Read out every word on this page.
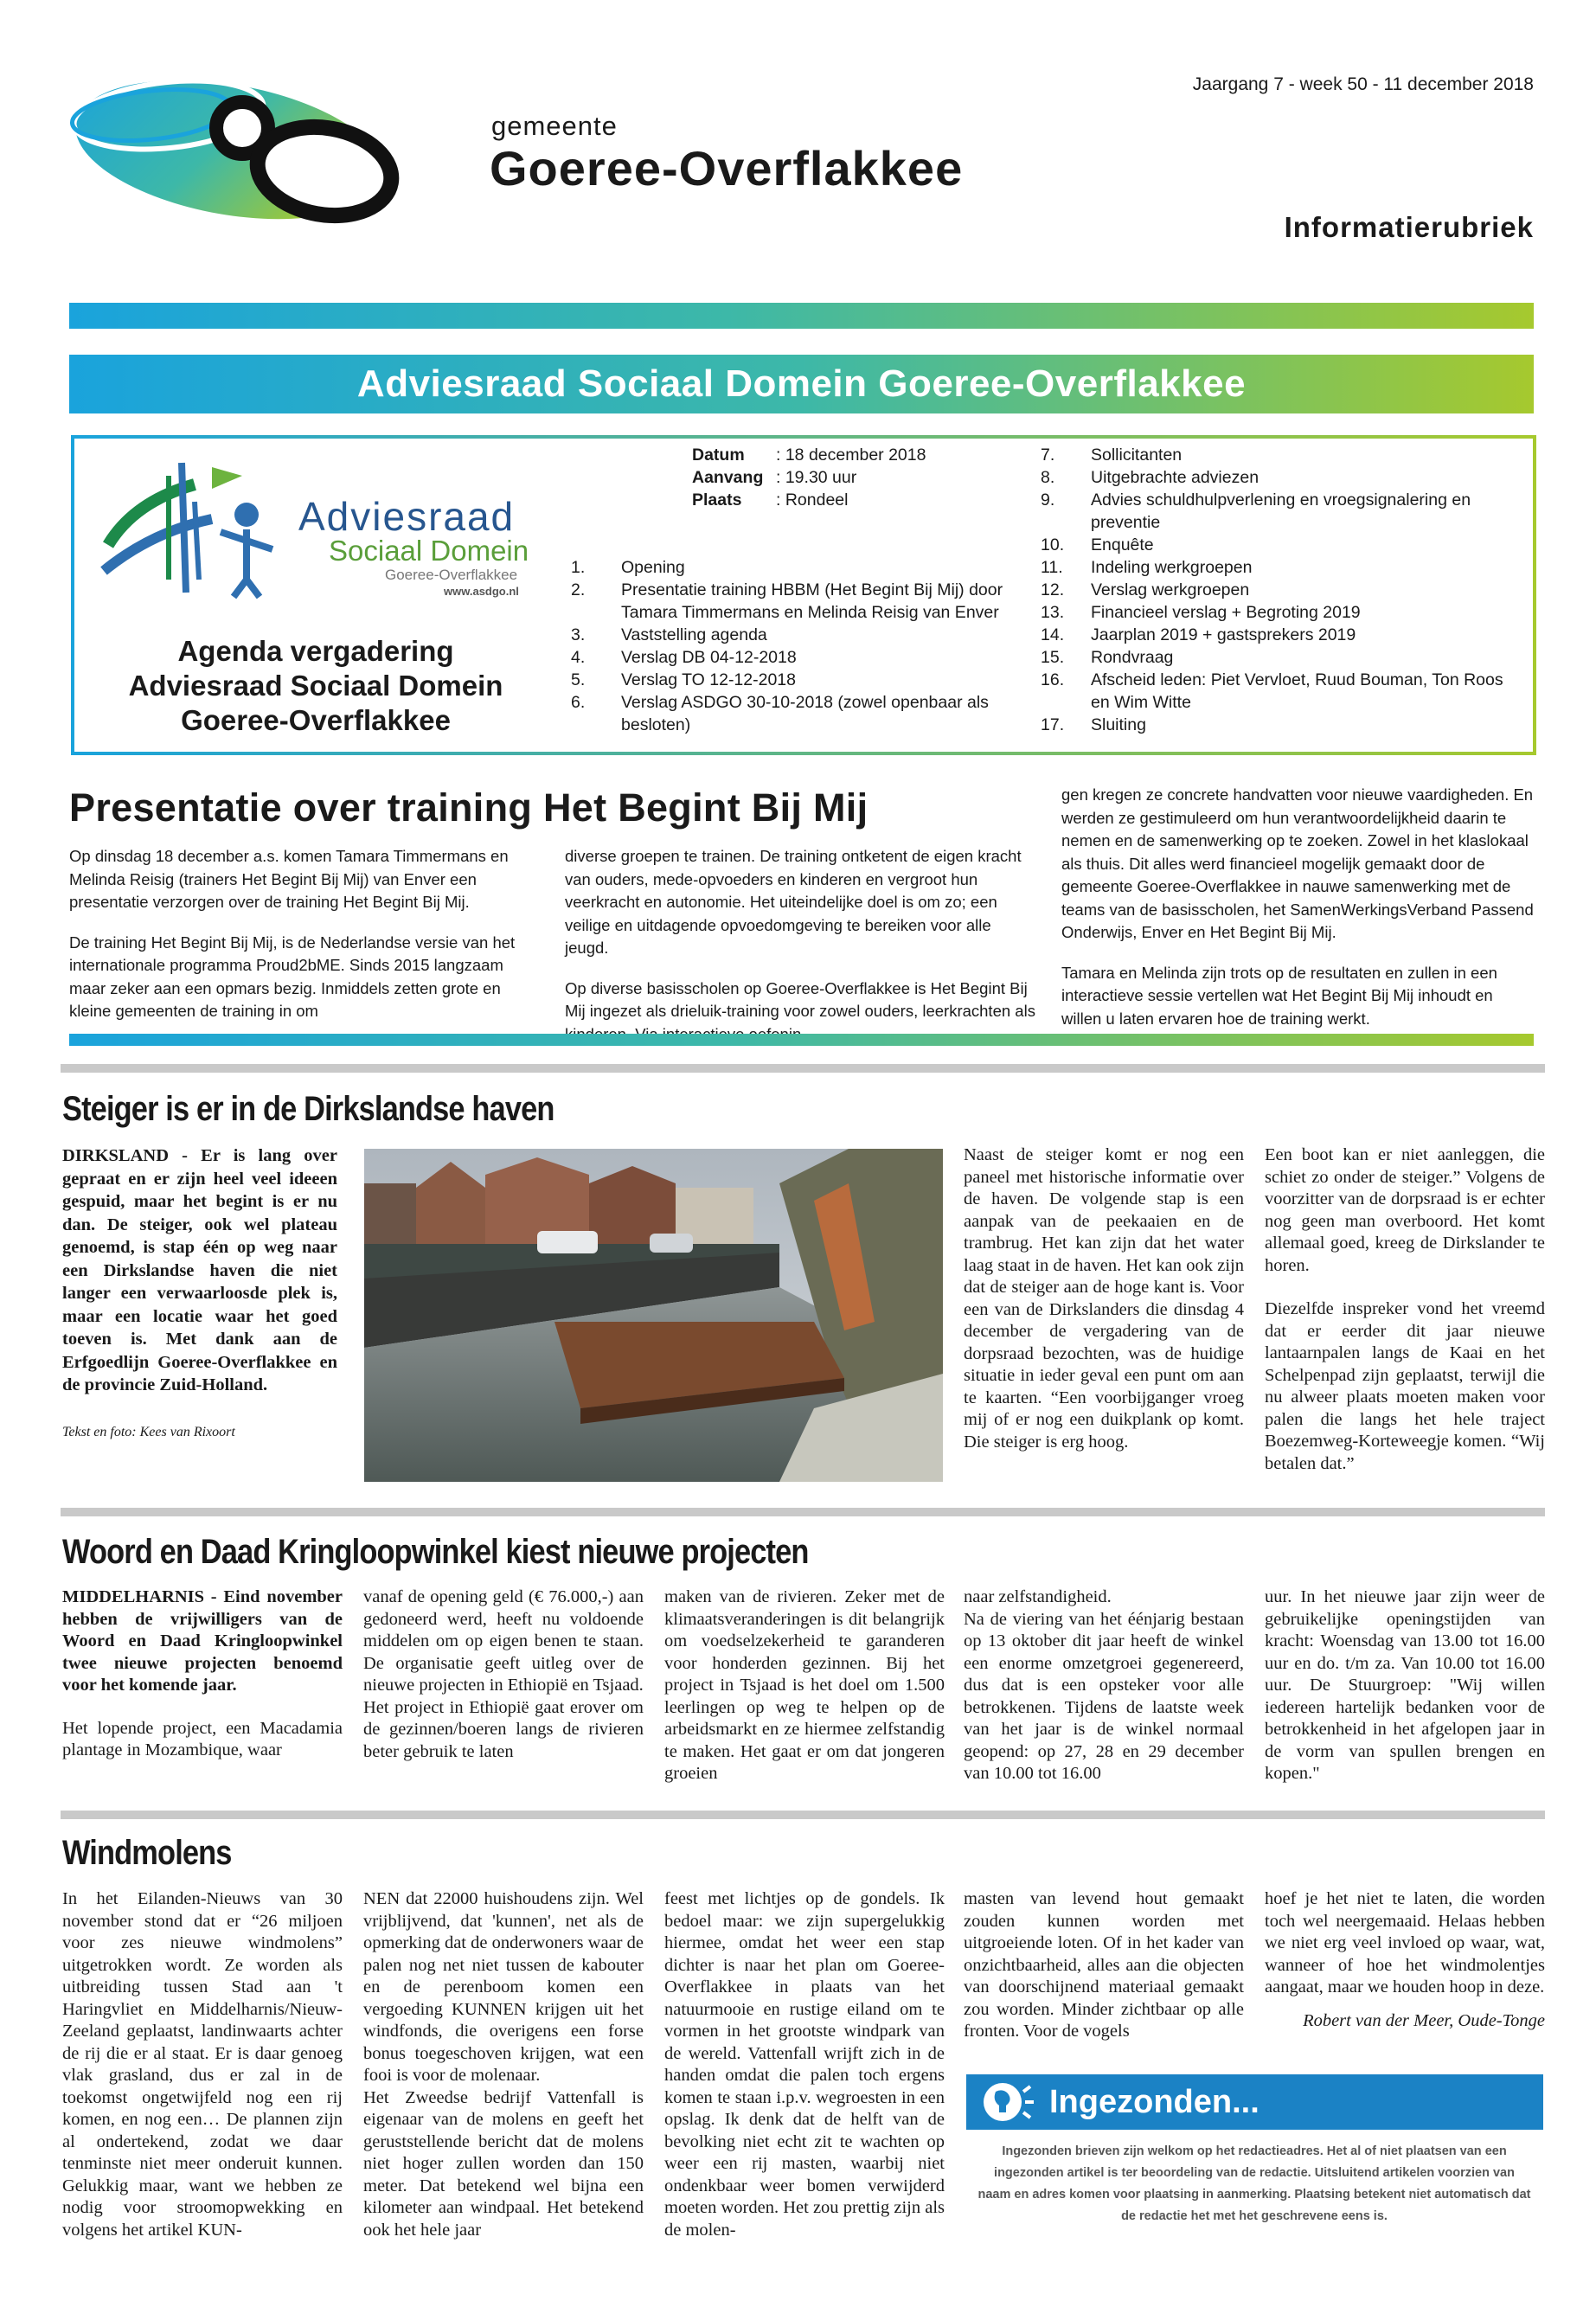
gemeente
Goeree-Overflakkee
Jaargang 7 - week 50 - 11 december 2018
Informatierubriek
Adviesraad Sociaal Domein Goeree-Overflakkee
Adviesraad
Sociaal Domein
Goeree-Overflakkee
www.asdgo.nl
Agenda vergadering
Adviesraad Sociaal Domein
Goeree-Overflakkee
Datum	: 18 december 2018
Aanvang : 19.30 uur
Plaats	: Rondeel
1.	Opening
2.	Presentatie training HBBM (Het Begint Bij Mij) door Tamara Timmermans en Melinda Reisig van Enver
3.	Vaststelling agenda
4.	Verslag DB 04-12-2018
5.	Verslag TO 12-12-2018
6.	Verslag ASDGO 30-10-2018 (zowel openbaar als besloten)
7.	Sollicitanten
8.	Uitgebrachte adviezen
9.	Advies schuldhulpverlening en vroegsignalering en preventie
10.	Enquête
11.	Indeling werkgroepen
12.	Verslag werkgroepen
13.	Financieel verslag + Begroting 2019
14.	Jaarplan 2019 + gastsprekers 2019
15.	Rondvraag
16.	Afscheid leden: Piet Vervloet, Ruud Bouman, Ton Roos en Wim Witte
17.	Sluiting
Presentatie over training Het Begint Bij Mij

Op dinsdag 18 december a.s. komen Tamara Timmermans en Melinda Reisig (trainers Het Begint Bij Mij) van Enver een presentatie verzorgen over de training Het Begint Bij Mij.

De training Het Begint Bij Mij, is de Nederlandse versie van het internationale programma Proud2bME. Sinds 2015 langzaam maar zeker aan een opmars bezig. Inmiddels zetten grote en kleine gemeenten de training in om

diverse groepen te trainen. De training ontketent de eigen kracht van ouders, mede-opvoeders en kinderen en vergroot hun veerkracht en autonomie. Het uiteindelijke doel is om zo; een veilige en uitdagende opvoedomgeving te bereiken voor alle jeugd.

Op diverse basisscholen op Goeree-Overflakkee is Het Begint Bij Mij ingezet als drieluik-training voor zowel ouders, leerkrachten als

gen kregen ze concrete handvatten voor nieuwe vaardigheden. En werden ze gestimuleerd om hun verantwoordelijkheid daarin te nemen en de samenwerking op te zoeken. Zowel in het klaslokaal als thuis. Dit alles werd financieel mogelijk gemaakt door de gemeente Goeree-Overflakkee in nauwe samenwerking met de teams van de basisscholen, het SamenWerkingsVerband Passend Onderwijs, Enver en Het Begint Bij Mij.

Tamara en Melinda zijn trots op de resultaten en zullen in een interactieve sessie vertellen wat Het Begint Bij Mij inhoudt en willen u laten ervaren hoe de training werkt.

Steiger is er in de Dirkslandse haven
DIRKSLAND - Er is lang over gepraat en er zijn heel veel ideeen gespuid, maar het begint is er nu dan. De steiger, ook wel plateau genoemd, is stap één op weg naar een Dirkslandse haven die niet langer een verwaarloosde plek is, maar een locatie waar het goed toeven is. Met dank aan de Erfgoedlijn Goeree-Overflakkee en de provincie Zuid-Holland.
Tekst en foto: Kees van Rixoort
Naast de steiger komt er nog een paneel met historische informatie over de haven. De volgende stap is een aanpak van de peekaaien en de trambrug. Het kan zijn dat het water laag staat in de haven. Het kan ook zijn dat de steiger aan de hoge kant is. Voor een van de Dirkslanders die dinsdag 4 december de vergadering van de dorpsraad bezochten, was de huidige situatie in ieder geval een punt om aan te kaarten. “Een voorbijganger vroeg mij of er nog een duikplank op komt. Die steiger is erg hoog.
Een boot kan er niet aanleggen, die schiet zo onder de steiger.” Volgens de voorzitter van de dorpsraad is er echter nog geen man overboord. Het komt allemaal goed, kreeg de Dirkslander te horen.
Diezelfde inspreker vond het vreemd dat er eerder dit jaar nieuwe lantaarnpalen langs de Kaai en het Schelpenpad zijn geplaatst, terwijl die nu alweer plaats moeten maken voor palen die langs het hele traject Boezemweg-Korteweegje komen. “Wij betalen dat.”
Woord en Daad Kringloopwinkel kiest nieuwe projecten
MIDDELHARNIS - Eind november hebben de vrijwilligers van de Woord en Daad Kringloopwinkel twee nieuwe projecten benoemd voor het komende jaar.
Het lopende project, een Macadamia plantage in Mozambique, waar
vanaf de opening geld (€ 76.000,-) aan gedoneerd werd, heeft nu voldoende middelen om op eigen benen te staan. De organisatie geeft uitleg over de nieuwe projecten in Ethiopië en Tsjaad.
Het project in Ethiopië gaat erover om de gezinnen/boeren langs de rivieren beter gebruik te laten
maken van de rivieren. Zeker met de klimaatsveranderingen is dit belangrijk om voedselzekerheid te garanderen voor honderden gezinnen. Bij het project in Tsjaad is het doel om 1.500 leerlingen op weg te helpen op de arbeidsmarkt en ze hiermee zelfstandig te maken. Het gaat er om dat jongeren groeien
naar zelfstandigheid.
Na de viering van het éénjarig bestaan op 13 oktober dit jaar heeft de winkel een enorme omzetgroei gegenereerd, dus dat is een opsteker voor alle betrokkenen. Tijdens de laatste week van het jaar is de winkel normaal geopend: op 27, 28 en 29 december van 10.00 tot 16.00
uur. In het nieuwe jaar zijn weer de gebruikelijke openingstijden van kracht: Woensdag van 13.00 tot 16.00 uur en do. t/m za. Van 10.00 tot 16.00 uur. De Stuurgroep: "Wij willen iedereen hartelijk bedanken voor de betrokkenheid in het afgelopen jaar in de vorm van spullen brengen en kopen."
Windmolens
In het Eilanden-Nieuws van 30 november stond dat er “26 miljoen voor zes nieuwe windmolens” uitgetrokken wordt. Ze worden als uitbreiding tussen Stad aan 't Haringvliet en Middelharnis/Nieuw-Zeeland geplaatst, landinwaarts achter de rij die er al staat. Er is daar genoeg vlak grasland, dus er zal in de toekomst ongetwijfeld nog een rij komen, en nog een… De plannen zijn al ondertekend, zodat we daar tenminste niet meer onderuit kunnen. Gelukkig maar, want we hebben ze nodig voor stroomopwekking en volgens het artikel KUN-
NEN dat 22000 huishoudens zijn. Wel vrijblijvend, dat 'kunnen', net als de opmerking dat de onderwoners waar de palen nog net niet tussen de kabouter en de perenboom komen een vergoeding KUNNEN krijgen uit het windfonds, die overigens een forse bonus toegeschoven krijgen, wat een fooi is voor de molenaar.
Het Zweedse bedrijf Vattenfall is eigenaar van de molens en geeft het geruststellende bericht dat de molens niet hoger zullen worden dan 150 meter. Dat betekend wel bijna een kilometer aan windpaal. Het betekend ook het hele jaar
feest met lichtjes op de gondels. Ik bedoel maar: we zijn supergelukkig hiermee, omdat het weer een stap dichter is naar het plan om Goeree-Overflakkee in plaats van het natuurmooie en rustige eiland om te vormen in het grootste windpark van de wereld. Vattenfall wrijft zich in de handen omdat die palen toch ergens komen te staan i.p.v. wegroesten in een opslag. Ik denk dat de helft van de bevolking niet echt zit te wachten op weer een rij masten, waarbij niet ondenkbaar weer bomen verwijderd moeten worden. Het zou prettig zijn als de molen-
masten van levend hout gemaakt zouden kunnen worden met uitgroeiende loten. Of in het kader van onzichtbaarheid, alles aan die objecten van doorschijnend materiaal gemaakt zou worden. Minder zichtbaar op alle fronten. Voor de vogels
hoef je het niet te laten, die worden toch wel neergemaaid. Helaas hebben we niet erg veel invloed op waar, wat, wanneer of hoe het windmolentjes aangaat, maar we houden hoop in deze.
Robert van der Meer, Oude-Tonge
Ingezonden...
Ingezonden brieven zijn welkom op het redactieadres. Het al of niet plaatsen van een ingezonden artikel is ter beoordeling van de redactie. Uitsluitend artikelen voorzien van naam en adres komen voor plaatsing in aanmerking. Plaatsing betekent niet automatisch dat de redactie het met het geschrevene eens is.
